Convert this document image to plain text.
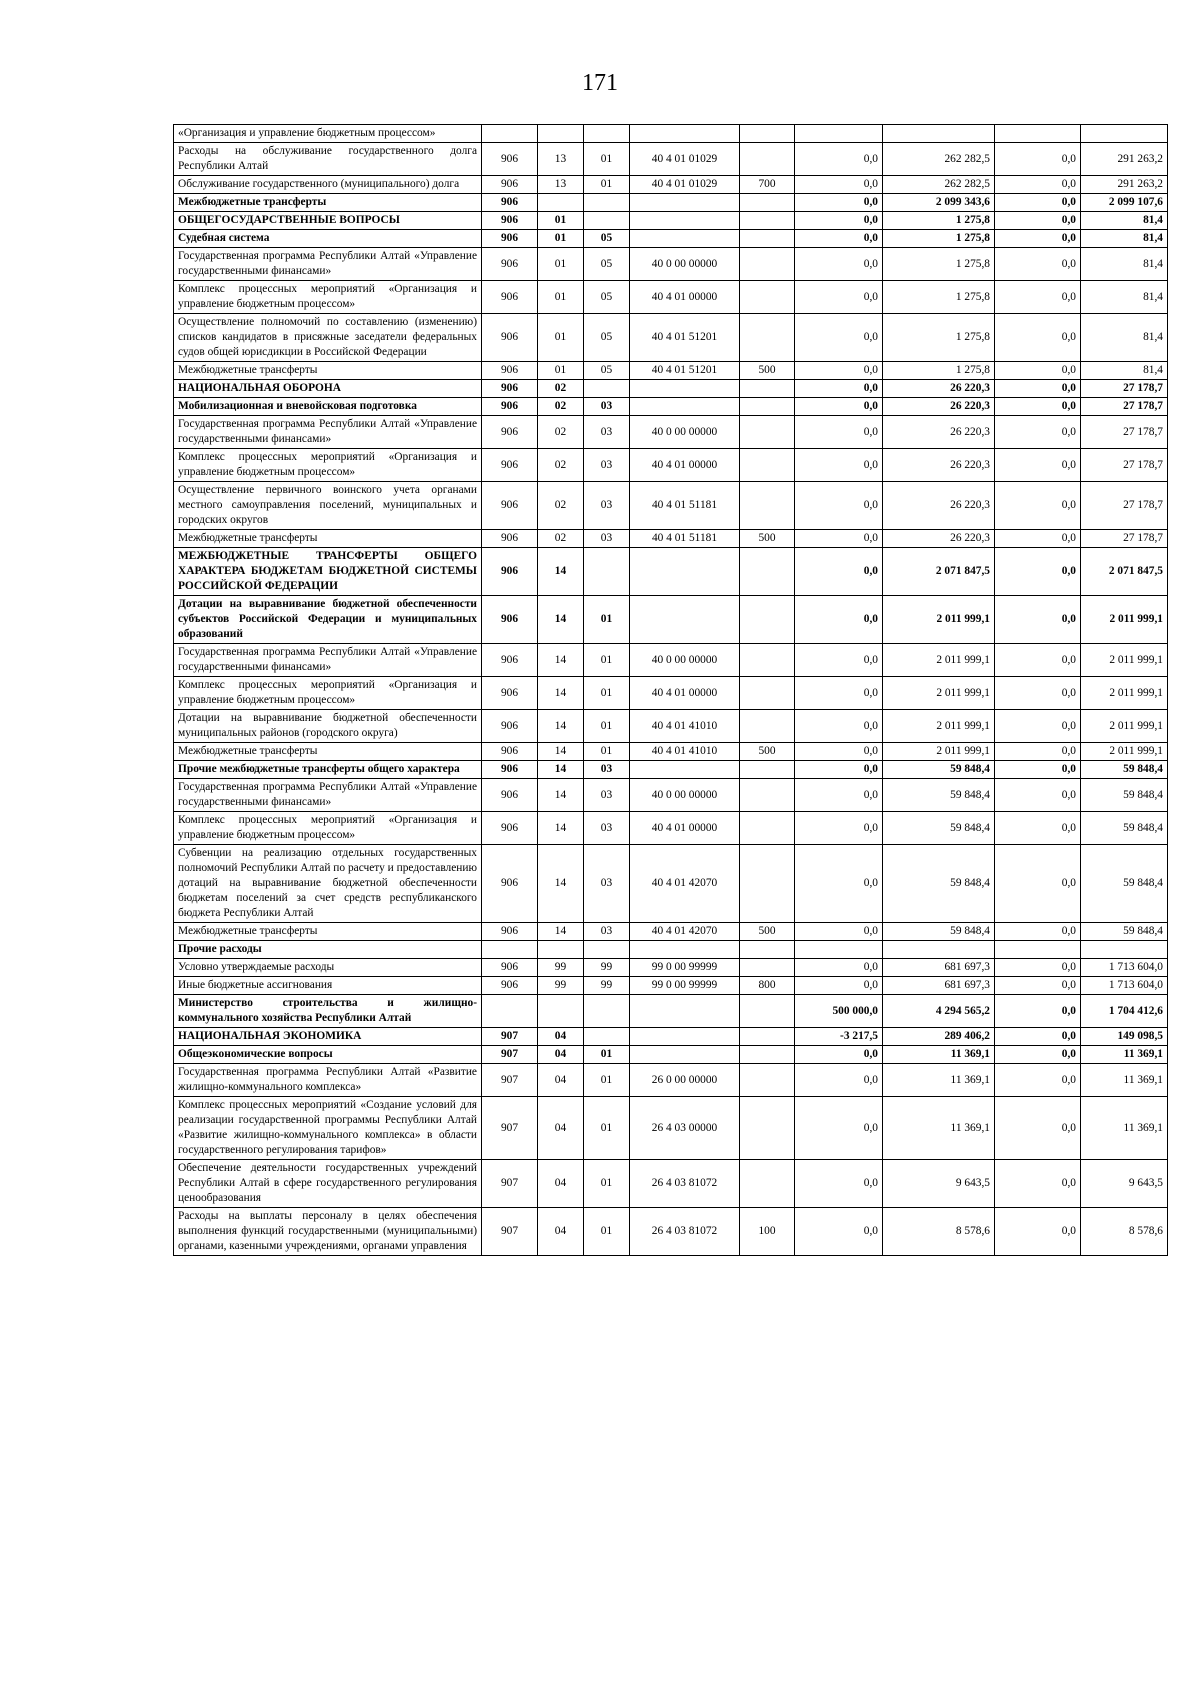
171
«Организация и управление бюджетным процессом»									
Расходы на обслуживание государственного долга Республики Алтай	906	13	01	40 4 01 01029		0,0	262 282,5	0,0	291 263,2
Обслуживание государственного (муниципального) долга	906	13	01	40 4 01 01029	700	0,0	262 282,5	0,0	291 263,2
Межбюджетные трансферты	906					0,0	2 099 343,6	0,0	2 099 107,6
ОБЩЕГОСУДАРСТВЕННЫЕ ВОПРОСЫ	906	01				0,0	1 275,8	0,0	81,4
Судебная система	906	01	05			0,0	1 275,8	0,0	81,4
Государственная программа Республики Алтай «Управление государственными финансами»	906	01	05	40 0 00 00000		0,0	1 275,8	0,0	81,4
Комплекс процессных мероприятий «Организация и управление бюджетным процессом»	906	01	05	40 4 01 00000		0,0	1 275,8	0,0	81,4
Осуществление полномочий по составлению (изменению) списков кандидатов в присяжные заседатели федеральных судов общей юрисдикции в Российской Федерации	906	01	05	40 4 01 51201		0,0	1 275,8	0,0	81,4
Межбюджетные трансферты	906	01	05	40 4 01 51201	500	0,0	1 275,8	0,0	81,4
НАЦИОНАЛЬНАЯ ОБОРОНА	906	02				0,0	26 220,3	0,0	27 178,7
Мобилизационная и вневойсковая подготовка	906	02	03			0,0	26 220,3	0,0	27 178,7
Государственная программа Республики Алтай «Управление государственными финансами»	906	02	03	40 0 00 00000		0,0	26 220,3	0,0	27 178,7
Комплекс процессных мероприятий «Организация и управление бюджетным процессом»	906	02	03	40 4 01 00000		0,0	26 220,3	0,0	27 178,7
Осуществление первичного воинского учета органами местного самоуправления поселений, муниципальных и городских округов	906	02	03	40 4 01 51181		0,0	26 220,3	0,0	27 178,7
Межбюджетные трансферты	906	02	03	40 4 01 51181	500	0,0	26 220,3	0,0	27 178,7
МЕЖБЮДЖЕТНЫЕ ТРАНСФЕРТЫ ОБЩЕГО ХАРАКТЕРА БЮДЖЕТАМ БЮДЖЕТНОЙ СИСТЕМЫ РОССИЙСКОЙ ФЕДЕРАЦИИ	906	14				0,0	2 071 847,5	0,0	2 071 847,5
Дотации на выравнивание бюджетной обеспеченности субъектов Российской Федерации и муниципальных образований	906	14	01			0,0	2 011 999,1	0,0	2 011 999,1
Государственная программа Республики Алтай «Управление государственными финансами»	906	14	01	40 0 00 00000		0,0	2 011 999,1	0,0	2 011 999,1
Комплекс процессных мероприятий «Организация и управление бюджетным процессом»	906	14	01	40 4 01 00000		0,0	2 011 999,1	0,0	2 011 999,1
Дотации на выравнивание бюджетной обеспеченности муниципальных районов (городского округа)	906	14	01	40 4 01 41010		0,0	2 011 999,1	0,0	2 011 999,1
Межбюджетные трансферты	906	14	01	40 4 01 41010	500	0,0	2 011 999,1	0,0	2 011 999,1
Прочие межбюджетные трансферты общего характера	906	14	03			0,0	59 848,4	0,0	59 848,4
Государственная программа Республики Алтай «Управление государственными финансами»	906	14	03	40 0 00 00000		0,0	59 848,4	0,0	59 848,4
Комплекс процессных мероприятий «Организация и управление бюджетным процессом»	906	14	03	40 4 01 00000		0,0	59 848,4	0,0	59 848,4
Субвенции на реализацию отдельных государственных полномочий Республики Алтай по расчету и предоставлению дотаций на выравнивание бюджетной обеспеченности бюджетам поселений за счет средств республиканского бюджета Республики Алтай	906	14	03	40 4 01 42070		0,0	59 848,4	0,0	59 848,4
Межбюджетные трансферты	906	14	03	40 4 01 42070	500	0,0	59 848,4	0,0	59 848,4
Прочие расходы									
Условно утверждаемые расходы	906	99	99	99 0 00 99999		0,0	681 697,3	0,0	1 713 604,0
Иные бюджетные ассигнования	906	99	99	99 0 00 99999	800	0,0	681 697,3	0,0	1 713 604,0
Министерство строительства и жилищно-коммунального хозяйства Республики Алтай						500 000,0	4 294 565,2	0,0	1 704 412,6
НАЦИОНАЛЬНАЯ ЭКОНОМИКА	907	04				-3 217,5	289 406,2	0,0	149 098,5
Общеэкономические вопросы	907	04	01			0,0	11 369,1	0,0	11 369,1
Государственная программа Республики Алтай «Развитие жилищно-коммунального комплекса»	907	04	01	26 0 00 00000		0,0	11 369,1	0,0	11 369,1
Комплекс процессных мероприятий «Создание условий для реализации государственной программы Республики Алтай «Развитие жилищно-коммунального комплекса» в области государственного регулирования тарифов»	907	04	01	26 4 03 00000		0,0	11 369,1	0,0	11 369,1
Обеспечение деятельности государственных учреждений Республики Алтай в сфере государственного регулирования ценообразования	907	04	01	26 4 03 81072		0,0	9 643,5	0,0	9 643,5
Расходы на выплаты персоналу в целях обеспечения выполнения функций государственными (муниципальными) органами, казенными учреждениями, органами управления	907	04	01	26 4 03 81072	100	0,0	8 578,6	0,0	8 578,6
